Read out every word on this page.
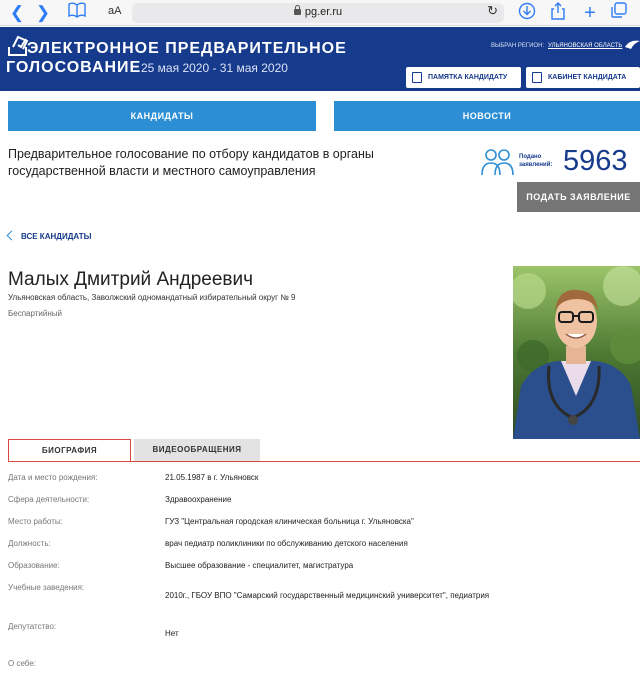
❮ ❯	aA	pg.er.ru	↻	+
ЭЛЕКТРОННОЕ ПРЕДВАРИТЕЛЬНОЕ
ГОЛОСОВАНИЕ 25 мая 2020 - 31 мая 2020
ВЫБРАН РЕГИОН: УЛЬЯНОВСКАЯ ОБЛАСТЬ
ПАМЯТКА КАНДИДАТУ	КАБИНЕТ КАНДИДАТА
КАНДИДАТЫ	НОВОСТИ
Предварительное голосование по отбору кандидатов в органы государственной власти и местного самоуправления
Подано
заявлений: 5963
ПОДАТЬ ЗАЯВЛЕНИЕ
ВСЕ КАНДИДАТЫ
Малых Дмитрий Андреевич
Ульяновская область, Заволжский одномандатный избирательный округ № 9
Беспартийный
БИОГРАФИЯ	ВИДЕООБРАЩЕНИЯ
Дата и место рождения:	21.05.1987 в г. Ульяновск
Сфера деятельности:	Здравоохранение
Место работы:	ГУЗ "Центральная городская клиническая больница г. Ульяновска"
Должность:	врач педиатр поликлиники по обслуживанию детского населения
Образование:	Высшее образование - специалитет, магистратура
Учебные заведения:
2010г., ГБОУ ВПО "Самарский государственный медицинский университет", педиатрия
Депутатство:
Нет
О себе:
